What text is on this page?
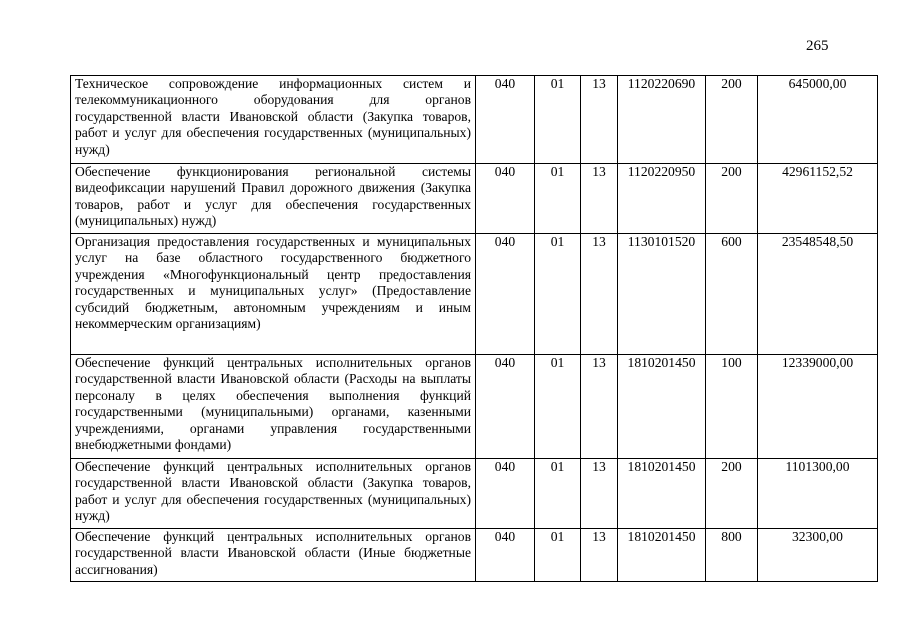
265
Техническое сопровождение информационных систем и телекоммуникационного оборудования для органов государственной власти Ивановской области (Закупка товаров, работ и услуг для обеспечения государственных (муниципальных) нужд)	040	01	13	1120220690	200	645000,00
Обеспечение функционирования региональной системы видеофиксации нарушений Правил дорожного движения (Закупка товаров, работ и услуг для обеспечения государственных (муниципальных) нужд)	040	01	13	1120220950	200	42961152,52
Организация предоставления государственных и муниципальных услуг на базе областного государственного бюджетного учреждения «Многофункциональный центр предоставления государственных и муниципальных услуг» (Предоставление субсидий бюджетным, автономным учреждениям и иным некоммерческим организациям)	040	01	13	1130101520	600	23548548,50
Обеспечение функций центральных исполнительных органов государственной власти Ивановской области (Расходы на выплаты персоналу в целях обеспечения выполнения функций государственными (муниципальными) органами, казенными учреждениями, органами управления государственными внебюджетными фондами)	040	01	13	1810201450	100	12339000,00
Обеспечение функций центральных исполнительных органов государственной власти Ивановской области (Закупка товаров, работ и услуг для обеспечения государственных (муниципальных) нужд)	040	01	13	1810201450	200	1101300,00
Обеспечение функций центральных исполнительных органов государственной власти Ивановской области (Иные бюджетные ассигнования)	040	01	13	1810201450	800	32300,00
